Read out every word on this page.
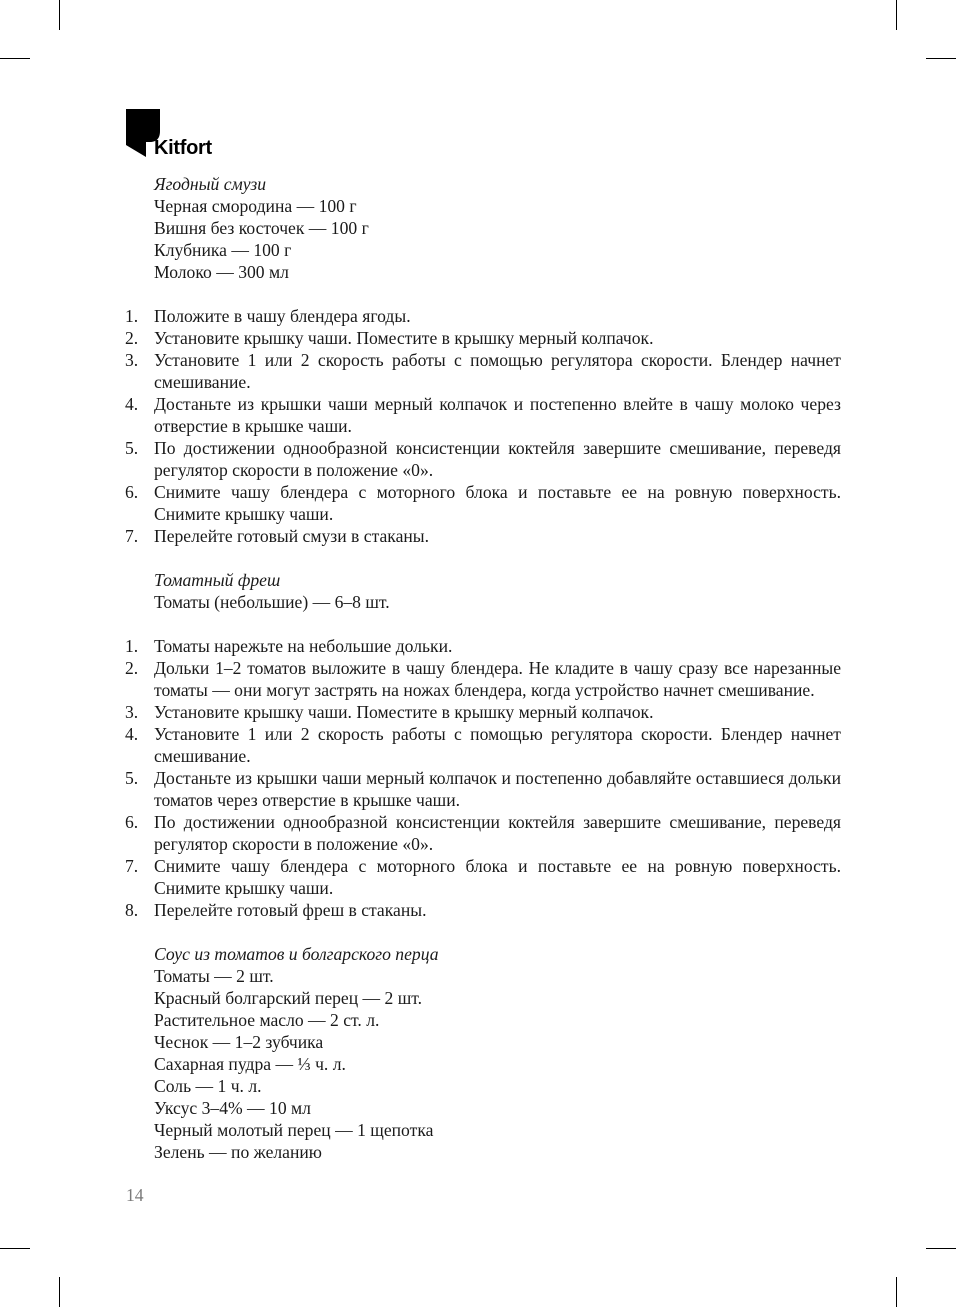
Kitfort
Ягодный смузи
Черная смородина — 100 г
Вишня без косточек — 100 г
Клубника — 100 г
Молоко — 300 мл
1. Положите в чашу блендера ягоды.
2. Установите крышку чаши. Поместите в крышку мерный колпачок.
3. Установите 1 или 2 скорость работы с помощью регулятора скорости. Блендер начнет смешивание.
4. Достаньте из крышки чаши мерный колпачок и постепенно влейте в чашу молоко через отверстие в крышке чаши.
5. По достижении однообразной консистенции коктейля завершите смешивание, переведя регулятор скорости в положение «0».
6. Снимите чашу блендера с моторного блока и поставьте ее на ровную поверхность. Снимите крышку чаши.
7. Перелейте готовый смузи в стаканы.
Томатный фреш
Томаты (небольшие) — 6–8 шт.
1. Томаты нарежьте на небольшие дольки.
2. Дольки 1–2 томатов выложите в чашу блендера. Не кладите в чашу сразу все нарезанные томаты — они могут застрять на ножах блендера, когда устройство начнет смешивание.
3. Установите крышку чаши. Поместите в крышку мерный колпачок.
4. Установите 1 или 2 скорость работы с помощью регулятора скорости. Блендер начнет смешивание.
5. Достаньте из крышки чаши мерный колпачок и постепенно добавляйте оставшиеся дольки томатов через отверстие в крышке чаши.
6. По достижении однообразной консистенции коктейля завершите смешивание, переведя регулятор скорости в положение «0».
7. Снимите чашу блендера с моторного блока и поставьте ее на ровную поверхность. Снимите крышку чаши.
8. Перелейте готовый фреш в стаканы.
Соус из томатов и болгарского перца
Томаты — 2 шт.
Красный болгарский перец — 2 шт.
Растительное масло — 2 ст. л.
Чеснок — 1–2 зубчика
Сахарная пудра — ⅓ ч. л.
Соль — 1 ч. л.
Уксус 3–4% — 10 мл
Черный молотый перец — 1 щепотка
Зелень — по желанию
14
